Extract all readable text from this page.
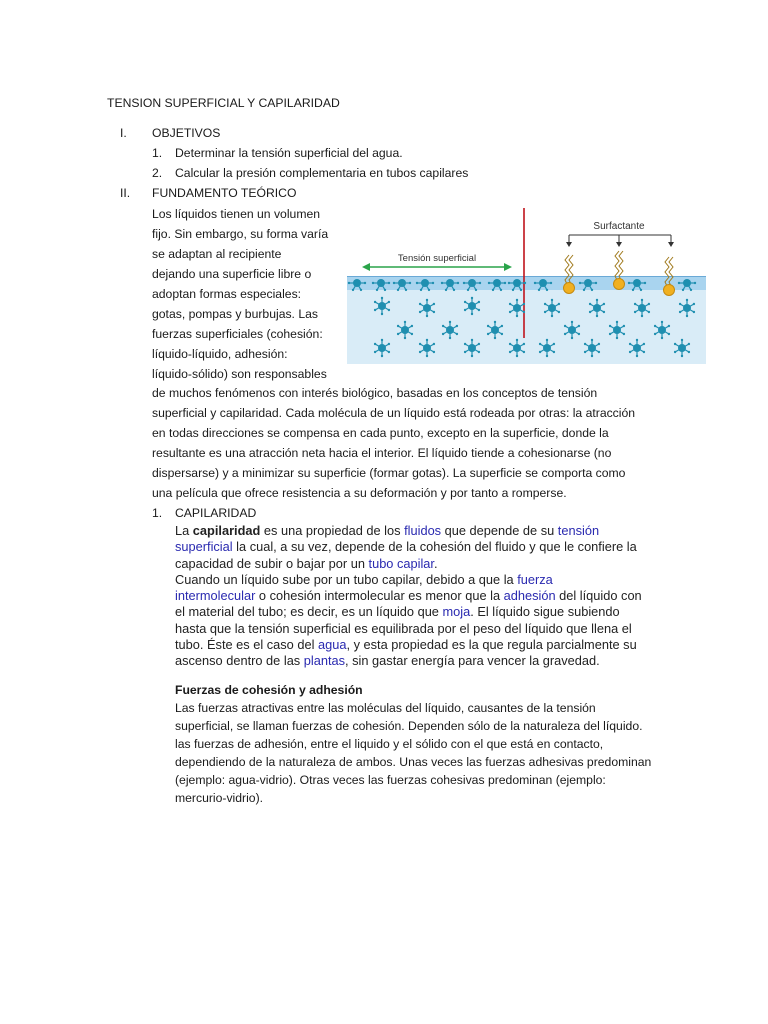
TENSION SUPERFICIAL Y CAPILARIDAD
I. OBJETIVOS
1. Determinar la tensión superficial del agua.
2. Calcular la presión complementaria en tubos capilares
II. FUNDAMENTO TEÓRICO
Los líquidos tienen un volumen
fijo. Sin embargo, su forma varía
se adaptan al recipiente
dejando una superficie libre o
adoptan formas especiales:
gotas, pompas y burbujas. Las
fuerzas superficiales (cohesión:
líquido-líquido, adhesión:
líquido-sólido) son responsables
Tensión superficial
Surfactante
de muchos fenómenos con interés biológico, basadas en los conceptos de tensión
superficial y capilaridad. Cada molécula de un líquido está rodeada por otras: la atracción
en todas direcciones se compensa en cada punto, excepto en la superficie, donde la
resultante es una atracción neta hacia el interior. El líquido tiende a cohesionarse (no
dispersarse) y a minimizar su superficie (formar gotas). La superficie se comporta como
una película que ofrece resistencia a su deformación y por tanto a romperse.
1. CAPILARIDAD
La capilaridad es una propiedad de los fluidos que depende de su tensión
superficial la cual, a su vez, depende de la cohesión del fluido y que le confiere la
capacidad de subir o bajar por un tubo capilar.
Cuando un líquido sube por un tubo capilar, debido a que la fuerza
intermolecular o cohesión intermolecular es menor que la adhesión del líquido con
el material del tubo; es decir, es un líquido que moja. El líquido sigue subiendo
hasta que la tensión superficial es equilibrada por el peso del líquido que llena el
tubo. Éste es el caso del agua, y esta propiedad es la que regula parcialmente su
ascenso dentro de las plantas, sin gastar energía para vencer la gravedad.
Fuerzas de cohesión y adhesión
Las fuerzas atractivas entre las moléculas del líquido, causantes de la tensión
superficial, se llaman fuerzas de cohesión. Dependen sólo de la naturaleza del líquido.
las fuerzas de adhesión, entre el liquido y el sólido con el que está en contacto,
dependiendo de la naturaleza de ambos. Unas veces las fuerzas adhesivas predominan
(ejemplo: agua-vidrio). Otras veces las fuerzas cohesivas predominan (ejemplo:
mercurio-vidrio).
